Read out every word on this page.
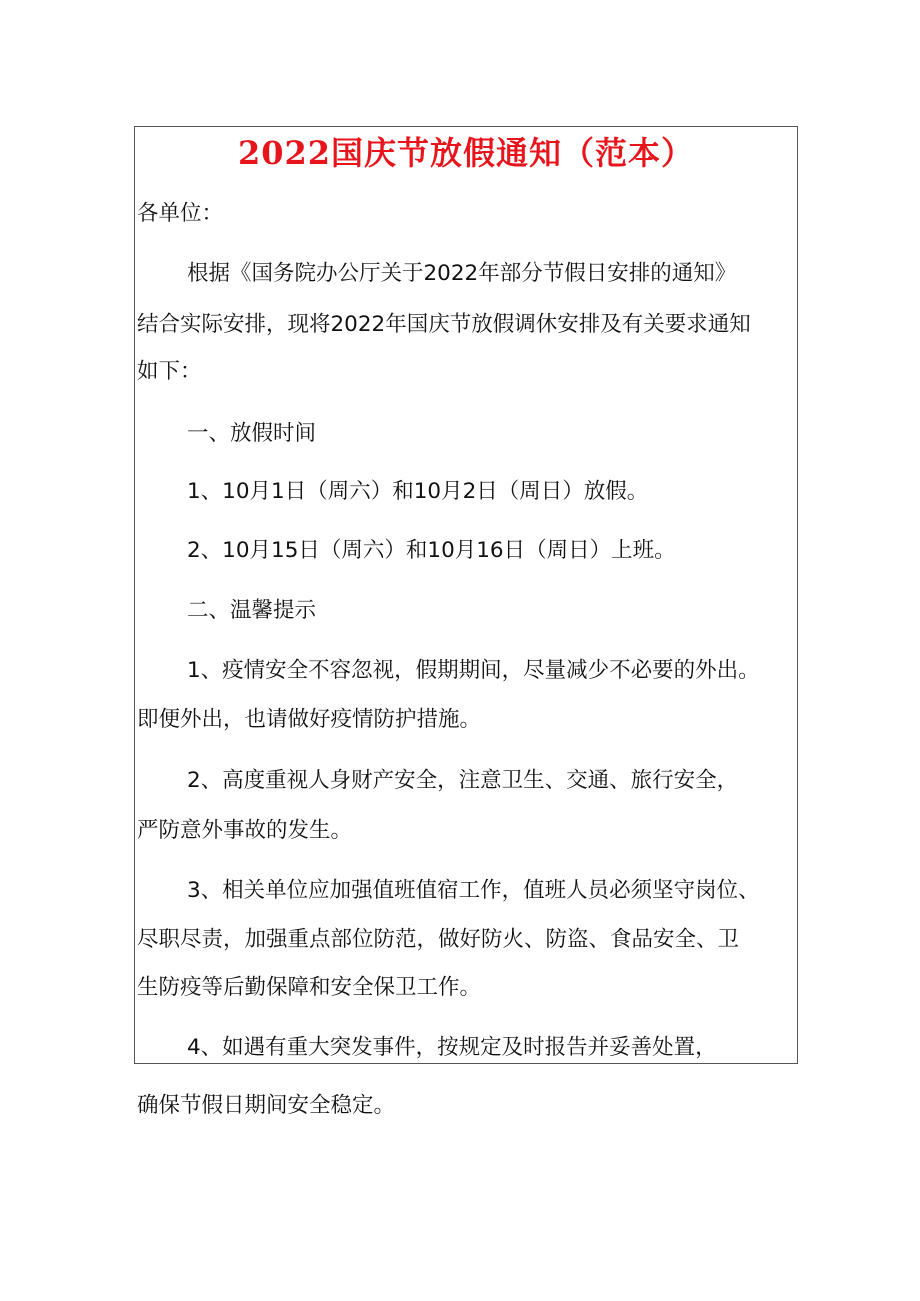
2022国庆节放假通知（范本）
各单位：
根据《国务院办公厅关于2022年部分节假日安排的通知》
结合实际安排，现将2022年国庆节放假调休安排及有关要求通知
如下：
一、放假时间
1、10月1日（周六）和10月2日（周日）放假。
2、10月15日（周六）和10月16日（周日）上班。
二、温馨提示
1、疫情安全不容忽视，假期期间，尽量减少不必要的外出。
即便外出，也请做好疫情防护措施。
2、高度重视人身财产安全，注意卫生、交通、旅行安全，
严防意外事故的发生。
3、相关单位应加强值班值宿工作，值班人员必须坚守岗位、
尽职尽责，加强重点部位防范，做好防火、防盗、食品安全、卫
生防疫等后勤保障和安全保卫工作。
4、如遇有重大突发事件，按规定及时报告并妥善处置，
确保节假日期间安全稳定。
